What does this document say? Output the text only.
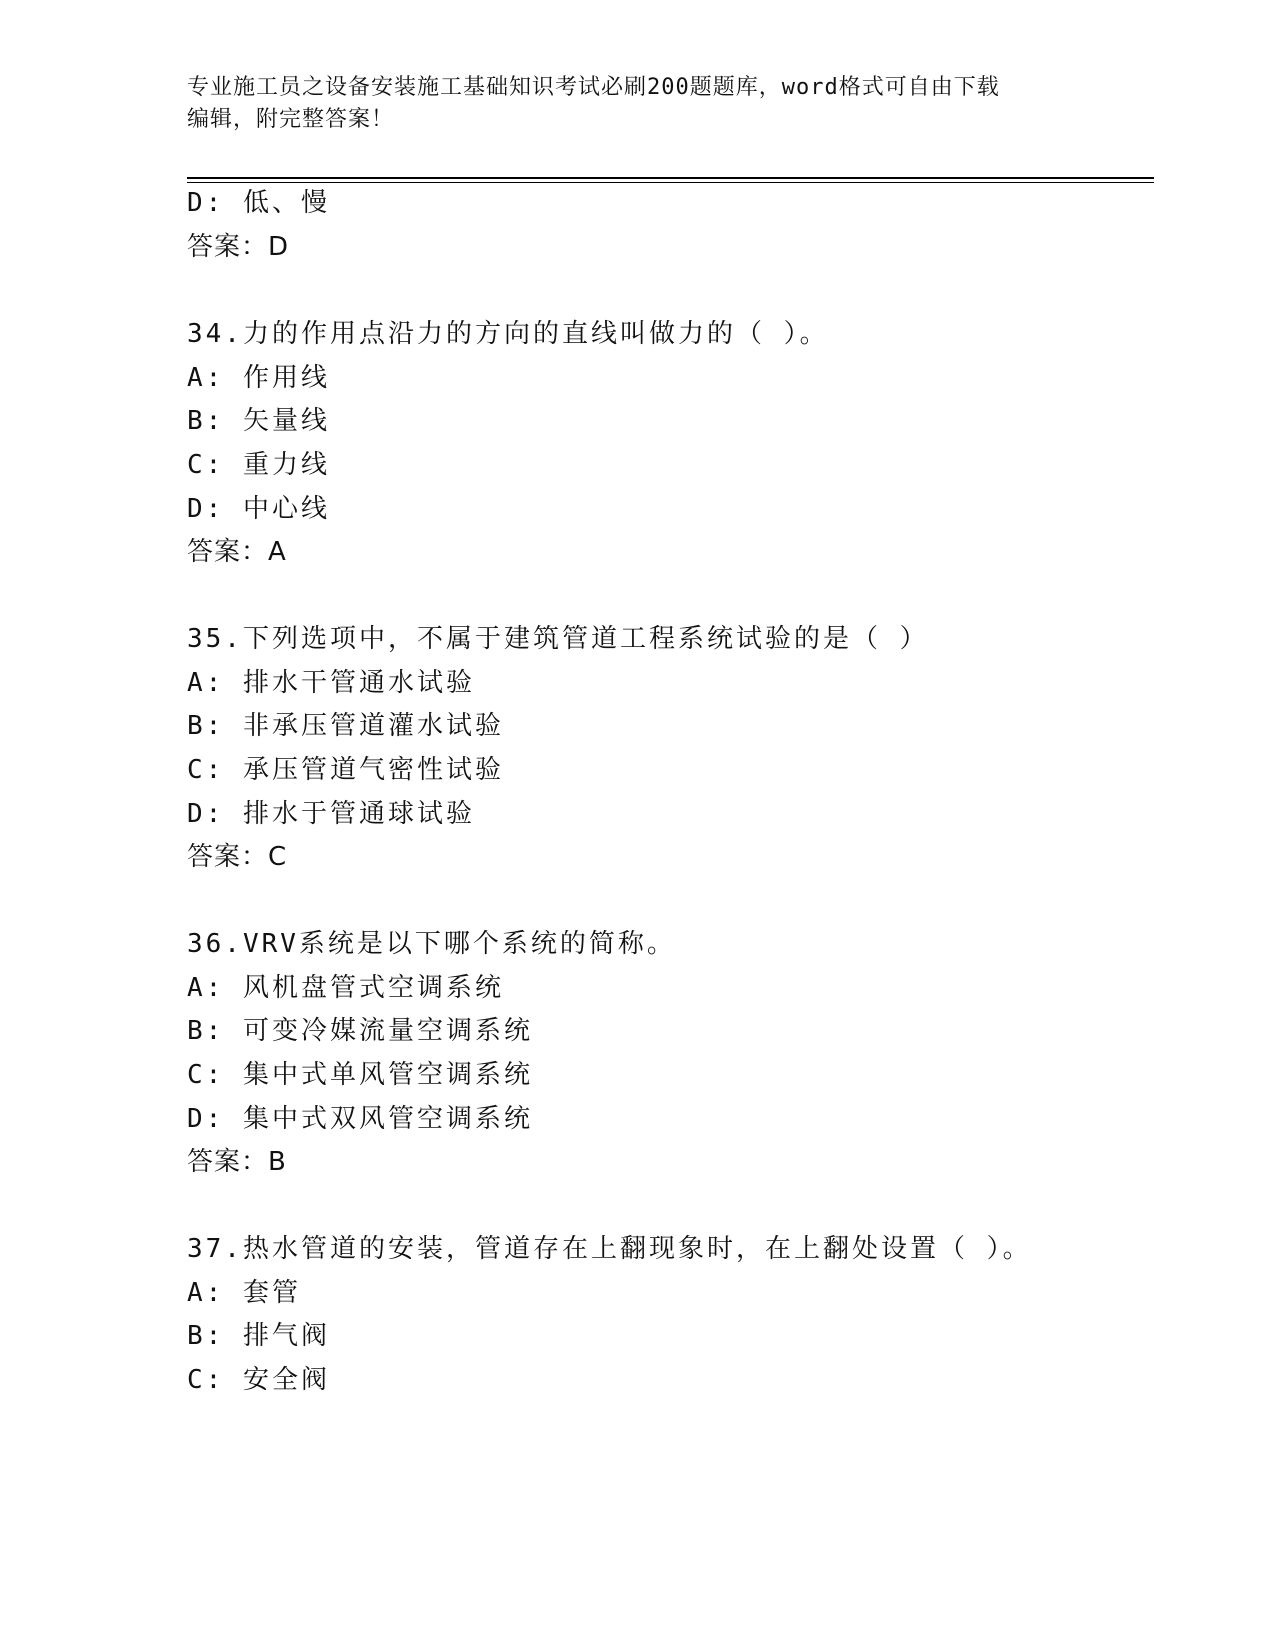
专业施工员之设备安装施工基础知识考试必刷200题题库，word格式可自由下载
编辑，附完整答案！
D: 低、慢
答案：D
34.力的作用点沿力的方向的直线叫做力的（ ）。
A: 作用线
B: 矢量线
C: 重力线
D: 中心线
答案：A
35.下列选项中，不属于建筑管道工程系统试验的是（ ）
A: 排水干管通水试验
B: 非承压管道灌水试验
C: 承压管道气密性试验
D: 排水于管通球试验
答案：C
36.VRV系统是以下哪个系统的简称。
A: 风机盘管式空调系统
B: 可变冷媒流量空调系统
C: 集中式单风管空调系统
D: 集中式双风管空调系统
答案：B
37.热水管道的安装，管道存在上翻现象时，在上翻处设置（ ）。
A: 套管
B: 排气阀
C: 安全阀
